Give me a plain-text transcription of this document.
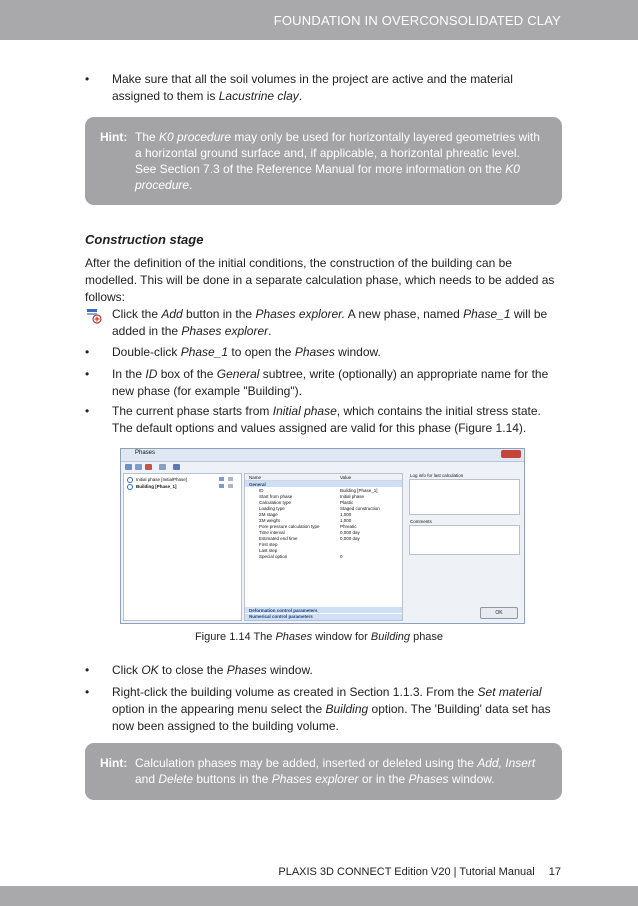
FOUNDATION IN OVERCONSOLIDATED CLAY
• Make sure that all the soil volumes in the project are active and the material
assigned to them is Lacustrine clay.
Hint: The K0 procedure may only be used for horizontally layered geometries with
a horizontal ground surface and, if applicable, a horizontal phreatic level.
See Section 7.3 of the Reference Manual for more information on the K0
procedure.
Construction stage
After the definition of the initial conditions, the construction of the building can be
modelled. This will be done in a separate calculation phase, which needs to be added as
follows:
Click the Add button in the Phases explorer. A new phase, named Phase_1 will be
added in the Phases explorer.
• Double-click Phase_1 to open the Phases window.
• In the ID box of the General subtree, write (optionally) an appropriate name for the
new phase (for example "Building").
• The current phase starts from Initial phase, which contains the initial stress state.
The default options and values assigned are valid for this phase (Figure 1.14).
Phases
Initial phase [InitialPhase]
Building [Phase_1]
Name	Value
General
ID	Building [Phase_1]
Start from phase	Initial phase
Calculation type	Plastic
Loading type	Staged construction
ΣM stage	1,000
ΣM weight	1,000
Pore pressure calculation type	Phreatic
Time interval	0,000 day
Estimated end time	0,000 day
First step
Last step
Special option	0
Numerical control parameters
Deformation control parameters
Log info for last calculation
Comments
OK
Figure 1.14 The Phases window for Building phase
• Click OK to close the Phases window.
• Right-click the building volume as created in Section 1.1.3. From the Set material
option in the appearing menu select the Building option. The 'Building' data set has
now been assigned to the building volume.
Hint: Calculation phases may be added, inserted or deleted using the Add, Insert
and Delete buttons in the Phases explorer or in the Phases window.
PLAXIS 3D CONNECT Edition V20 | Tutorial Manual 17
